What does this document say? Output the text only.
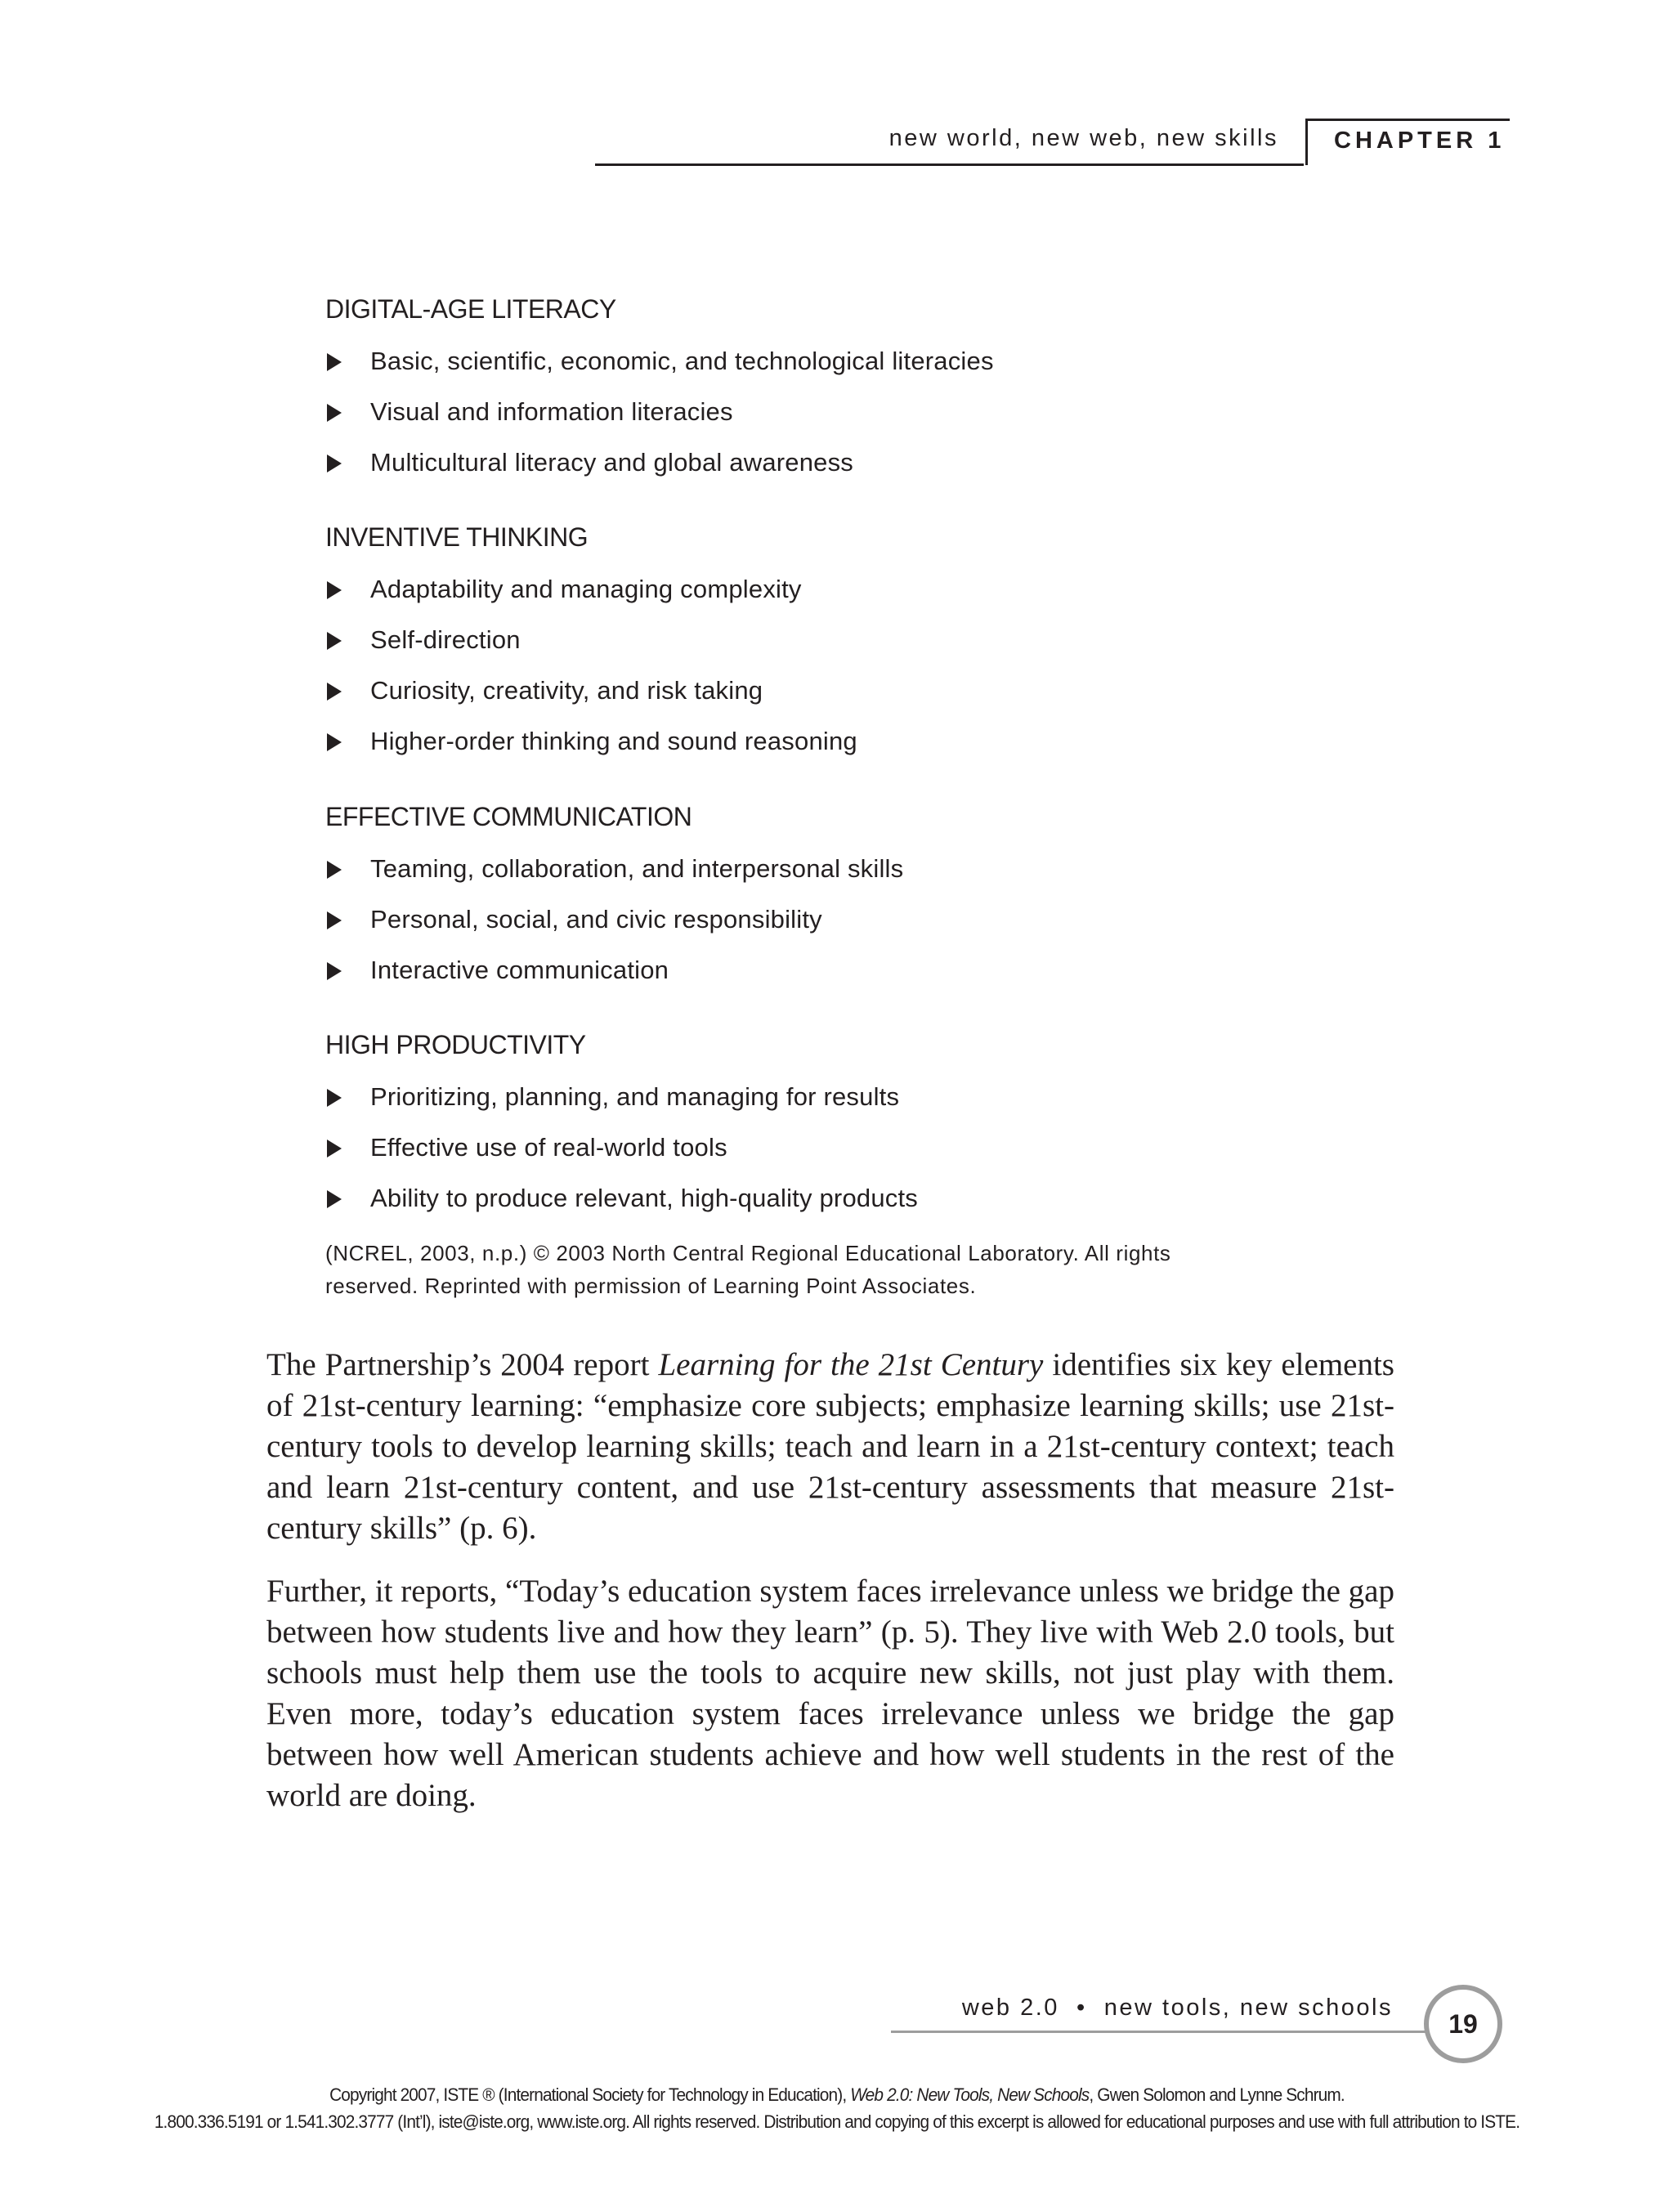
new world, new web, new skills CHAPTER 1
DIGITAL-AGE LITERACY
Basic, scientific, economic, and technological literacies
Visual and information literacies
Multicultural literacy and global awareness
INVENTIVE THINKING
Adaptability and managing complexity
Self-direction
Curiosity, creativity, and risk taking
Higher-order thinking and sound reasoning
EFFECTIVE COMMUNICATION
Teaming, collaboration, and interpersonal skills
Personal, social, and civic responsibility
Interactive communication
HIGH PRODUCTIVITY
Prioritizing, planning, and managing for results
Effective use of real-world tools
Ability to produce relevant, high-quality products
(NCREL, 2003, n.p.) © 2003 North Central Regional Educational Laboratory. All rights
reserved. Reprinted with permission of Learning Point Associates.

The Partnership’s 2004 report Learning for the 21st Century identifies six key elements of 21st-century learning: “emphasize core subjects; emphasize learning skills; use 21st-century tools to develop learning skills; teach and learn in a 21st-century context; teach and learn 21st-century content, and use 21st-century assessments that measure 21st-century skills” (p. 6).

Further, it reports, “Today’s education system faces irrelevance unless we bridge the gap between how students live and how they learn” (p. 5). They live with Web 2.0 tools, but schools must help them use the tools to acquire new skills, not just play with them. Even more, today’s education system faces irrelevance unless we bridge the gap between how well American students achieve and how well students in the rest of the world are doing.

web 2.0  •  new tools, new schools
19
Copyright 2007, ISTE ® (International Society for Technology in Education), Web 2.0: New Tools, New Schools, Gwen Solomon and Lynne Schrum.
1.800.336.5191 or 1.541.302.3777 (Int’l), iste@iste.org, www.iste.org. All rights reserved. Distribution and copying of this excerpt is allowed for educational purposes and use with full attribution to ISTE.
